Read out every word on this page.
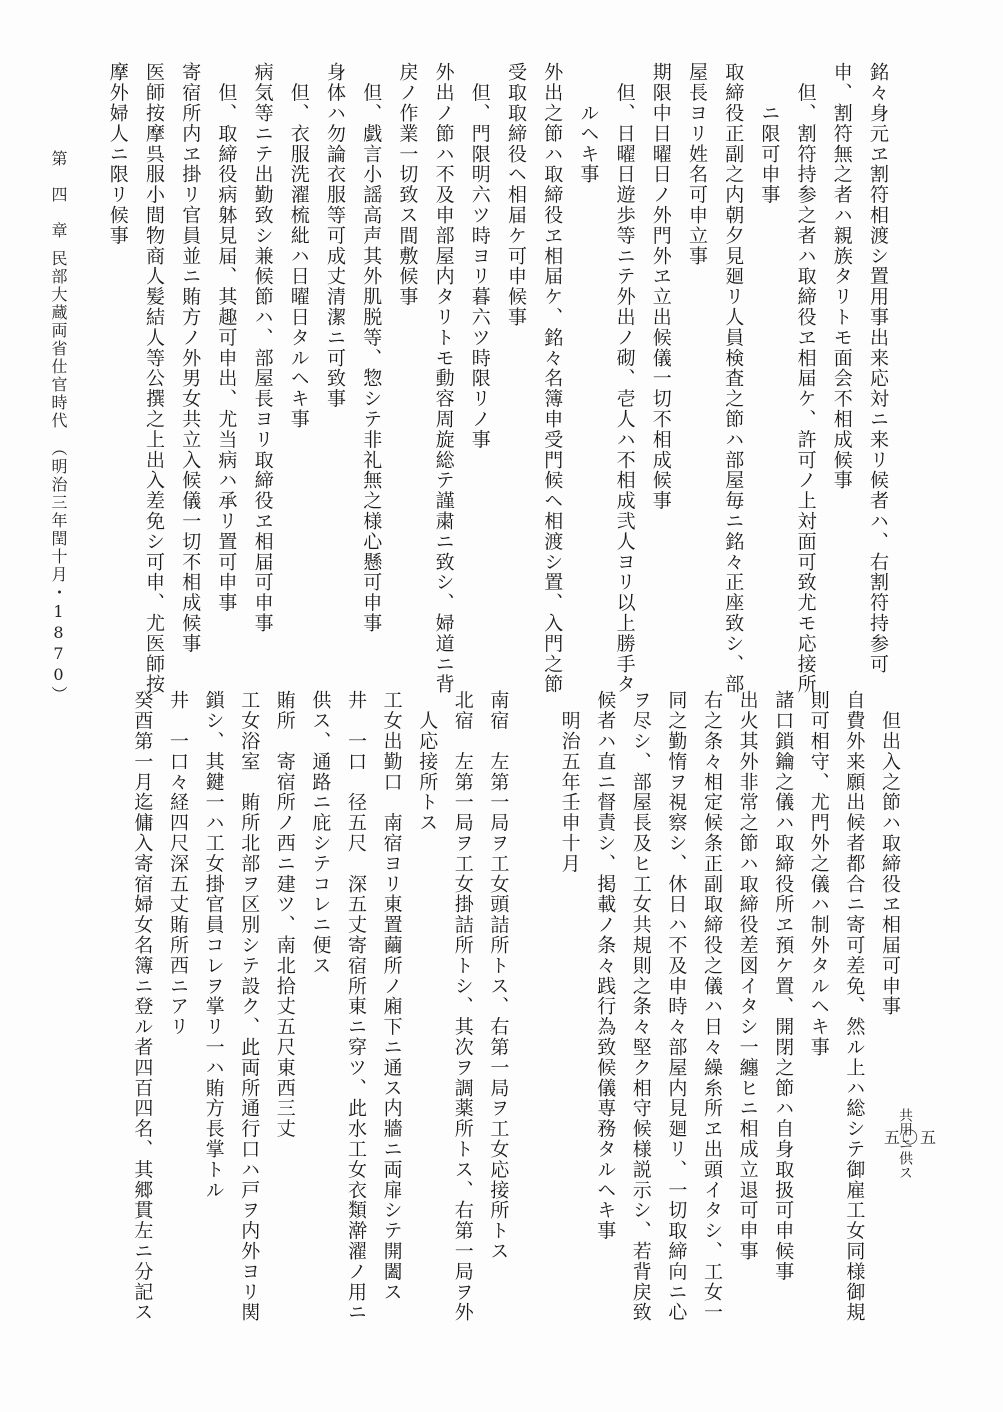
銘々身元ヱ割符相渡シ置用事出来応対ニ来リ候者ハ、右割符持参可
申、割符無之者ハ親族タリトモ面会不相成候事
　但、割符持参之者ハ取締役ヱ相届ケ、許可ノ上対面可致尤モ応接所
　　ニ限可申事
取締役正副之内朝夕見廻リ人員検査之節ハ部屋毎ニ銘々正座致シ、部
屋長ヨリ姓名可申立事
期限中日曜日ノ外門外ヱ立出候儀一切不相成候事
　但、日曜日遊歩等ニテ外出ノ砌、壱人ハ不相成弐人ヨリ以上勝手タ
　　ルヘキ事
外出之節ハ取締役ヱ相届ケ、銘々名簿申受門候ヘ相渡シ置、入門之節
受取取締役ヘ相届ケ可申候事
　但、門限明六ツ時ヨリ暮六ツ時限リノ事
外出ノ節ハ不及申部屋内タリトモ動容周旋総テ謹粛ニ致シ、婦道ニ背
戻ノ作業一切致ス間敷候事
　但、戯言小謡高声其外肌脱等、惣シテ非礼無之様心懸可申事
身体ハ勿論衣服等可成丈清潔ニ可致事
　但、衣服洗濯梳紕ハ日曜日タルヘキ事
病気等ニテ出勤致シ兼候節ハ、部屋長ヨリ取締役ヱ相届可申事
　但、取締役病躰見届、其趣可申出、尤当病ハ承リ置可申事
寄宿所内ヱ掛リ官員並ニ賄方ノ外男女共立入候儀一切不相成候事
医師按摩呉服小間物商人髪結人等公撰之上出入差免シ可申、尤医師按
摩外婦人ニ限リ候事
　但出入之節ハ取締役ヱ相届可申事
自費外来願出候者都合ニ寄可差免、然ル上ハ総シテ御雇工女同様御規
則可相守、尤門外之儀ハ制外タルヘキ事
諸口鎖鑰之儀ハ取締役所ヱ預ケ置、開閉之節ハ自身取扱可申候事
出火其外非常之節ハ取締役差図イタシ一纏ヒニ相成立退可申事
右之条々相定候条正副取締役之儀ハ日々繰糸所ヱ出頭イタシ、工女一
同之勤惰ヲ視察シ、休日ハ不及申時々部屋内見廻リ、一切取締向ニ心
ヲ尽シ、部屋長及ヒ工女共規則之条々堅ク相守候様説示シ、若背戻致
候者ハ直ニ督責シ、掲載ノ条々践行為致候儀専務タルヘキ事
　明治五年壬申十月
南宿　左第一局ヲ工女頭詰所トス、右第一局ヲ工女応接所トス
北宿　左第一局ヲ工女掛詰所トシ、其次ヲ調薬所トス、右第一局ヲ外
　人応接所トス
工女出勤口　南宿ヨリ東置繭所ノ廂下ニ通ス内牆ニ両扉シテ開闔ス
井　一口　径五尺　深五丈寄宿所東ニ穿ツ、此水工女衣類澣濯ノ用ニ
供ス、通路ニ庇シテコレニ便ス
賄所　寄宿所ノ西ニ建ツ、南北拾丈五尺東西三丈
工女浴室　賄所北部ヲ区別シテ設ク、此両所通行口ハ戸ヲ内外ヨリ関
鎖シ、其鍵一ハ工女掛官員コレヲ掌リ一ハ賄方長掌トル
井　一口々経四尺深五丈賄所西ニアリ
癸酉第一月迄傭入寄宿婦女名簿ニ登ル者四百四名、其郷貫左ニ分記ス
第　四　章
民部大蔵両省仕官時代　（明治三年閏十月・1870）
共用ニ供ス
五〇五
